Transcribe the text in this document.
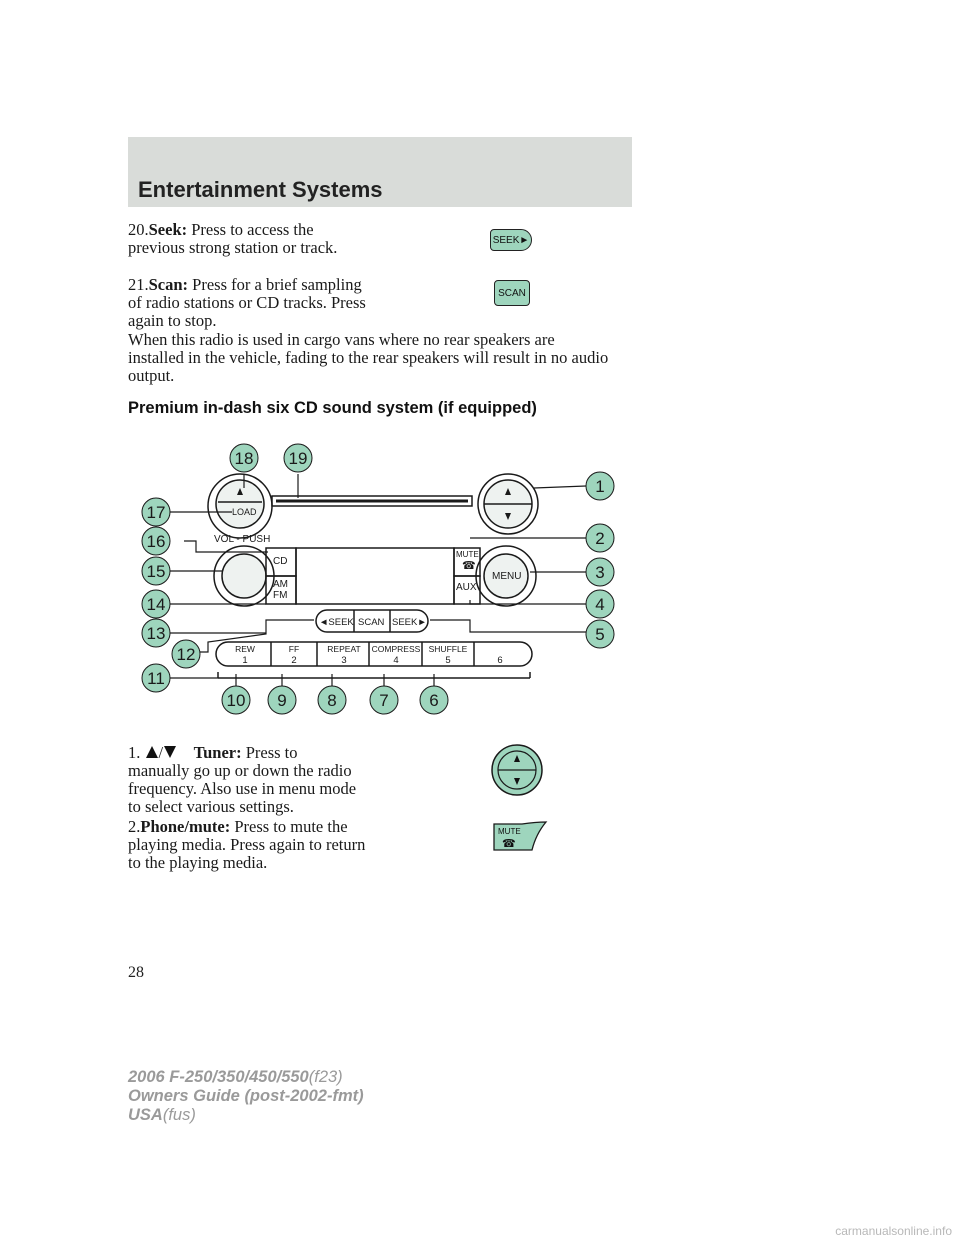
Entertainment Systems
20.Seek: Press to access the
previous strong station or track.	SEEK►
21.Scan: Press for a brief sampling
of radio stations or CD tracks. Press
again to stop.
SCAN
When this radio is used in cargo vans where no rear speakers are
installed in the vehicle, fading to the rear speakers will result in no audio
output.
Premium in-dash six CD sound system (if equipped)
LOAD
VOL - PUSH
CD
AM
FM
MUTE
☎
AUX
MENU
◄SEEK SCAN SEEK►
REW
1
FF
2
REPEAT
3
COMPRESS
4
SHUFFLE
5	6
1
2
3
4
5
6
7
8
9
10
11
12
13
14
15
16
17
18 19
1. / Tuner: Press to
manually go up or down the radio
frequency. Also use in menu mode
to select various settings.
2.Phone/mute: Press to mute the
playing media. Press again to return
to the playing media.
MUTE
☎
28
2006 F-250/350/450/550(f23)
Owners Guide (post-2002-fmt)
USA(fus)
carmanualsonline.info
